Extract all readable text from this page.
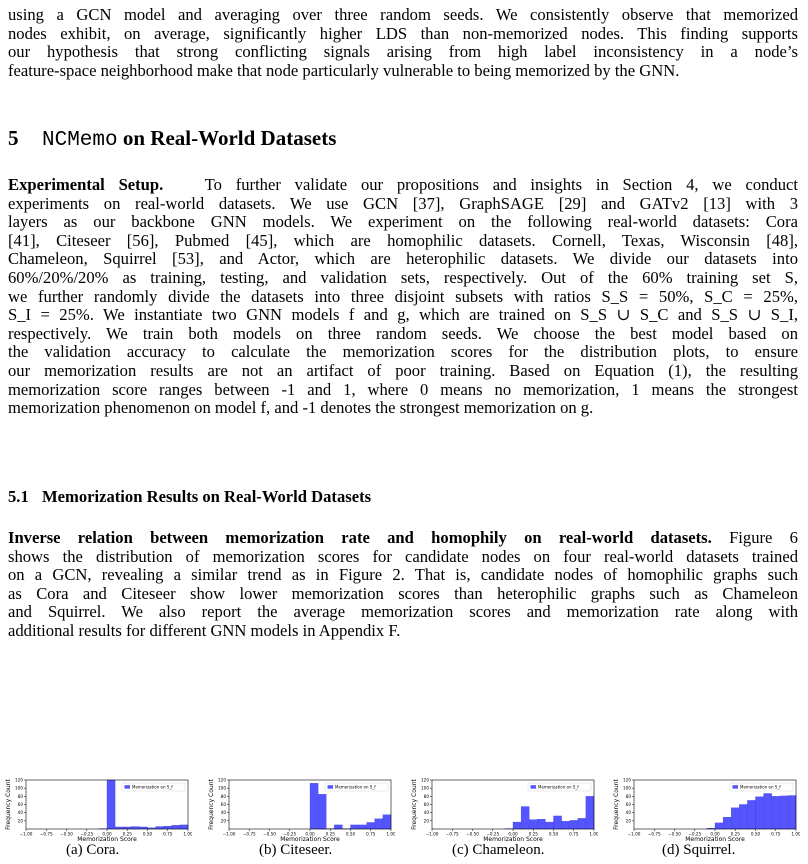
using a GCN model and averaging over three random seeds. We consistently observe that memorized
nodes exhibit, on average, significantly higher LDS than non-memorized nodes. This finding supports
our hypothesis that strong conflicting signals arising from high label inconsistency in a node’s
feature-space neighborhood make that node particularly vulnerable to being memorized by the GNN.
5 NCMemo on Real-World Datasets
Experimental Setup. To further validate our propositions and insights in Section 4, we conduct
experiments on real-world datasets. We use GCN [37], GraphSAGE [29] and GATv2 [13] with 3
layers as our backbone GNN models. We experiment on the following real-world datasets: Cora
[41], Citeseer [56], Pubmed [45], which are homophilic datasets. Cornell, Texas, Wisconsin [48],
Chameleon, Squirrel [53], and Actor, which are heterophilic datasets. We divide our datasets into
60%/20%/20% as training, testing, and validation sets, respectively. Out of the 60% training set S,
we further randomly divide the datasets into three disjoint subsets with ratios S_S = 50%, S_C = 25%,
S_I = 25%. We instantiate two GNN models f and g, which are trained on S_S ∪ S_C and S_S ∪ S_I,
respectively. We train both models on three random seeds. We choose the best model based on
the validation accuracy to calculate the memorization scores for the distribution plots, to ensure
our memorization results are not an artifact of poor training. Based on Equation (1), the resulting
memorization score ranges between -1 and 1, where 0 means no memorization, 1 means the strongest
memorization phenomenon on model f, and -1 denotes the strongest memorization on g.
5.1 Memorization Results on Real-World Datasets
Inverse relation between memorization rate and homophily on real-world datasets. Figure 6
shows the distribution of memorization scores for candidate nodes on four real-world datasets trained
on a GCN, revealing a similar trend as in Figure 2. That is, candidate nodes of homophilic graphs such
as Cora and Citeseer show lower memorization scores than heterophilic graphs such as Chameleon
and Squirrel. We also report the average memorization scores and memorization rate along with
additional results for different GNN models in Appendix F.
20
40
60
80
100
120
−1.00 −0.75 −0.50 −0.25 0.00	0.25	0.50	0.75	1.00
Memorization Score
Frequency Count	Memorization on S_f
20
40
60
80
100
120
−1.00 −0.75 −0.50 −0.25 0.00	0.25	0.50	0.75	1.00
Memorization Score
Frequency Count	Memorization on S_f
20
40
60
80
100
120
−1.00 −0.75 −0.50 −0.25 0.00	0.25	0.50	0.75	1.00
Memorization Score
Frequency Count	Memorization on S_f
20
40
60
80
100
120
−1.00 −0.75 −0.50 −0.25 0.00	0.25	0.50	0.75	1.00
Memorization Score
Frequency Count	Memorization on S_f
(a) Cora.	(b) Citeseer.	(c) Chameleon.	(d) Squirrel.
